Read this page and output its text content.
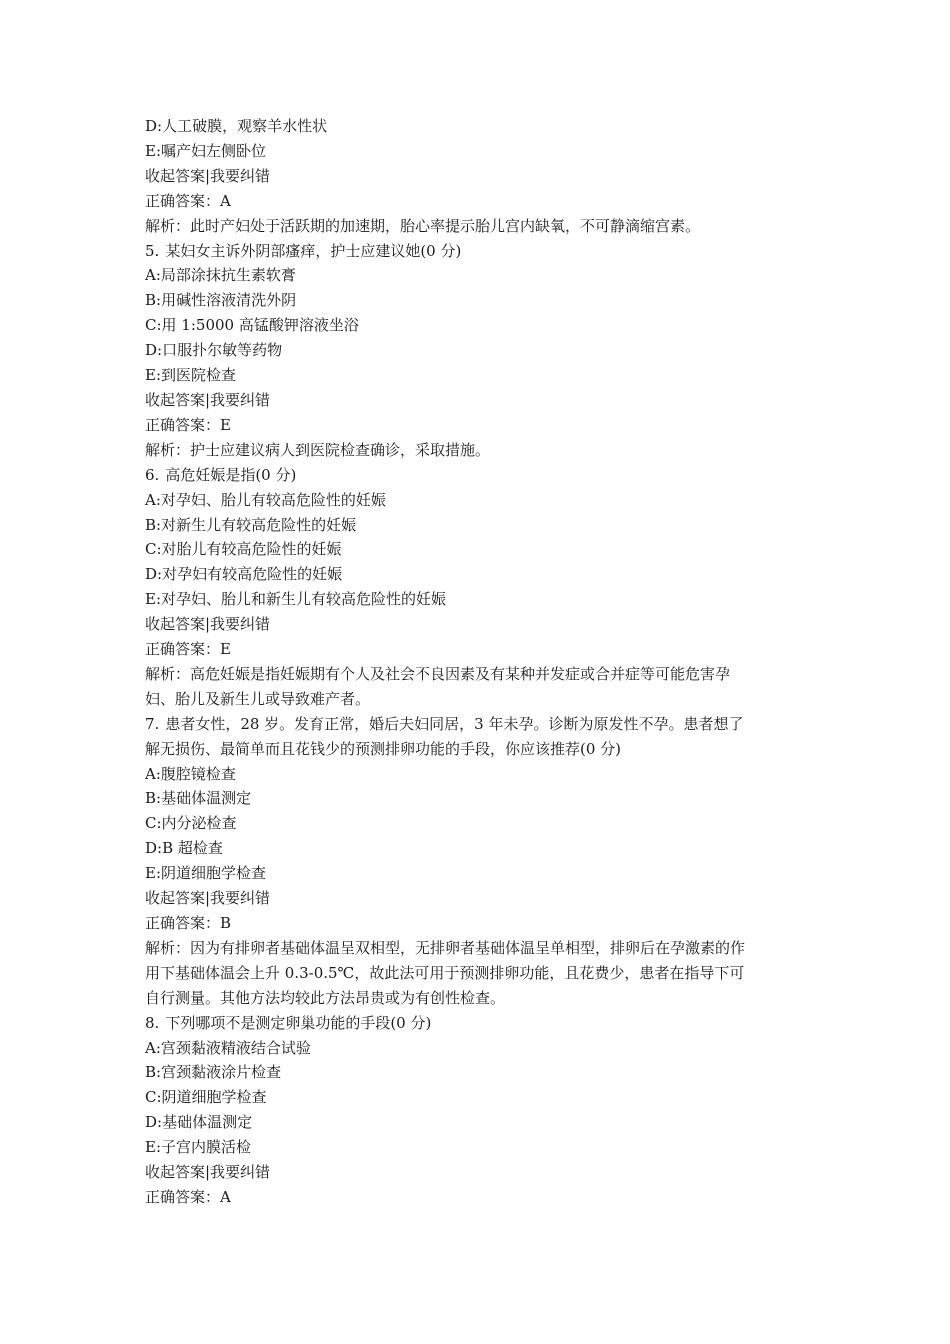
D:人工破膜，观察羊水性状

E:嘱产妇左侧卧位

收起答案|我要纠错

正确答案：A

解析：此时产妇处于活跃期的加速期，胎心率提示胎儿宫内缺氧，不可静滴缩宫素。

5. 某妇女主诉外阴部瘙痒，护士应建议她(0 分)

A:局部涂抹抗生素软膏

B:用碱性溶液清洗外阴

C:用 1:5000 高锰酸钾溶液坐浴

D:口服扑尔敏等药物

E:到医院检查

收起答案|我要纠错

正确答案：E

解析：护士应建议病人到医院检查确诊，采取措施。

6. 高危妊娠是指(0 分)

A:对孕妇、胎儿有较高危险性的妊娠

B:对新生儿有较高危险性的妊娠

C:对胎儿有较高危险性的妊娠

D:对孕妇有较高危险性的妊娠

E:对孕妇、胎儿和新生儿有较高危险性的妊娠

收起答案|我要纠错

正确答案：E

解析：高危妊娠是指妊娠期有个人及社会不良因素及有某种并发症或合并症等可能危害孕

妇、胎儿及新生儿或导致难产者。

7. 患者女性，28 岁。发育正常，婚后夫妇同居，3 年未孕。诊断为原发性不孕。患者想了

解无损伤、最简单而且花钱少的预测排卵功能的手段，你应该推荐(0 分)

A:腹腔镜检查

B:基础体温测定

C:内分泌检查

D:B 超检查

E:阴道细胞学检查

收起答案|我要纠错

正确答案：B

解析：因为有排卵者基础体温呈双相型，无排卵者基础体温呈单相型，排卵后在孕激素的作

用下基础体温会上升 0.3-0.5℃，故此法可用于预测排卵功能，且花费少，患者在指导下可

自行测量。其他方法均较此方法昂贵或为有创性检查。

8. 下列哪项不是测定卵巢功能的手段(0 分)

A:宫颈黏液精液结合试验

B:宫颈黏液涂片检查

C:阴道细胞学检查

D:基础体温测定

E:子宫内膜活检

收起答案|我要纠错

正确答案：A
